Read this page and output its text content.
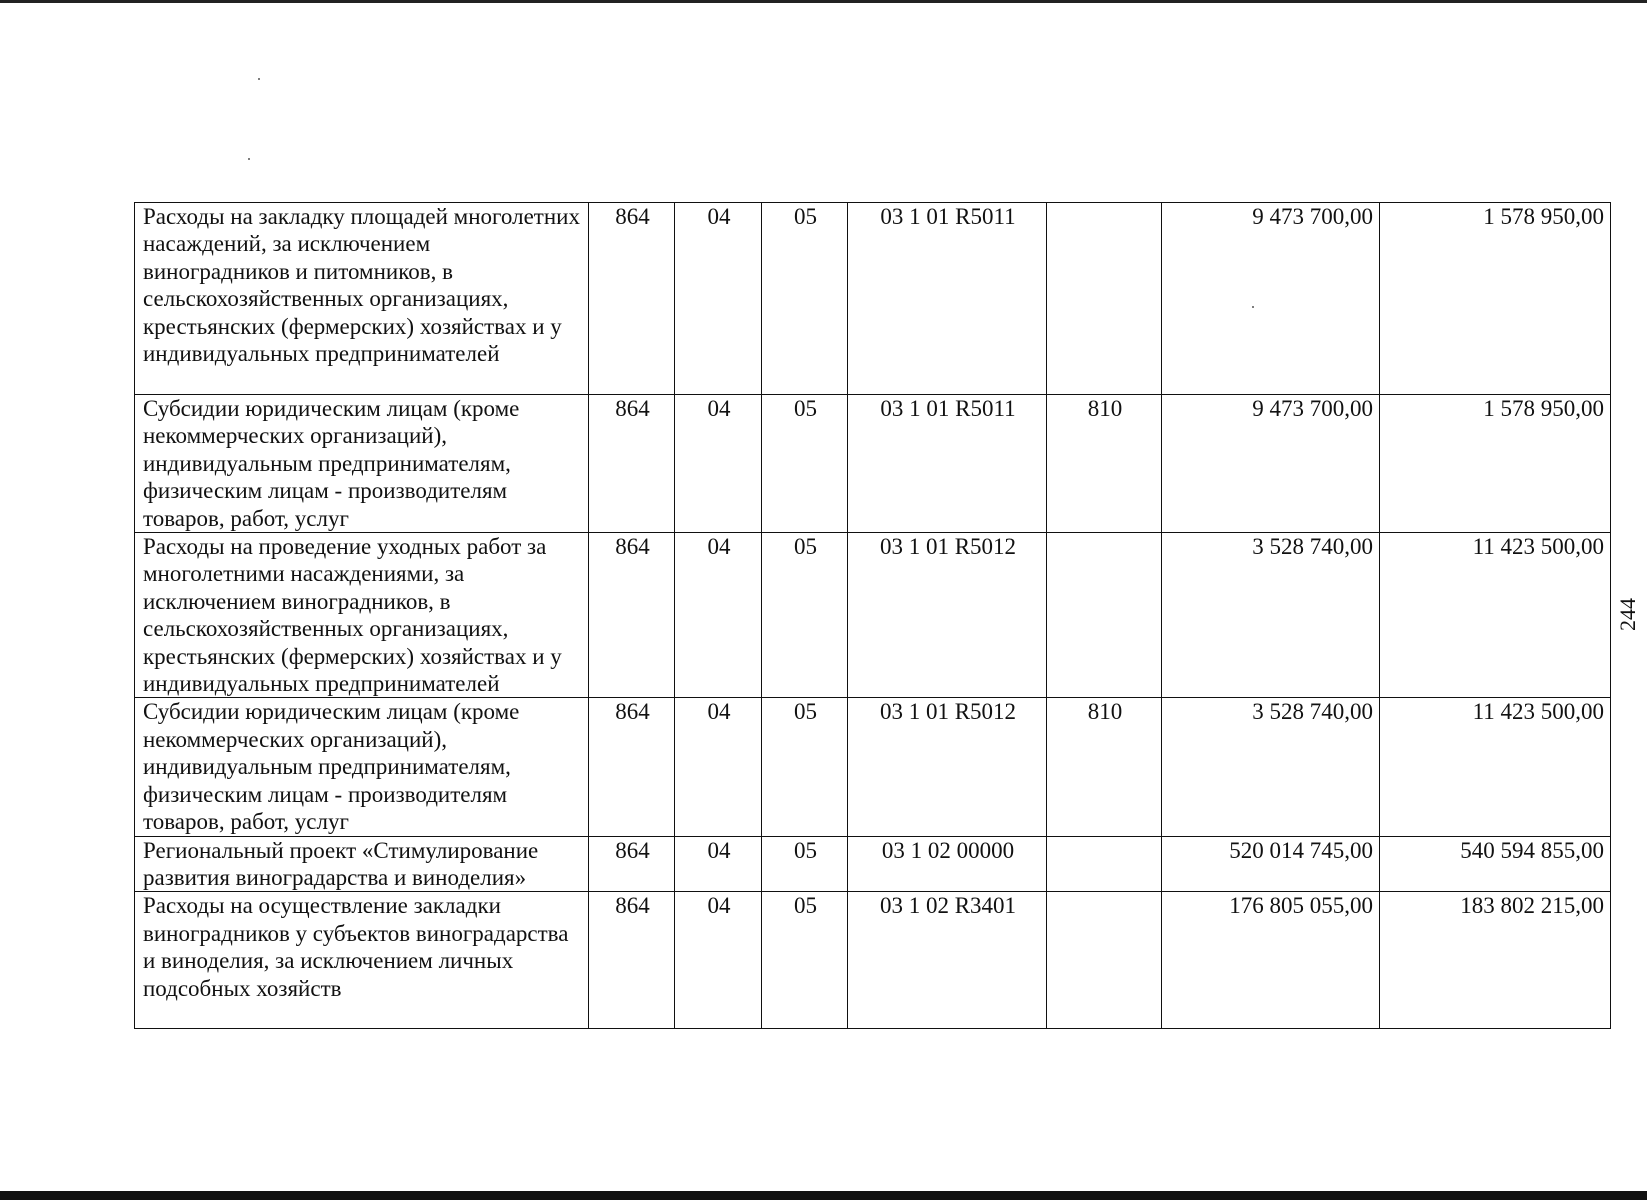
Расходы на закладку площадей многолетних насаждений, за исключением виноградников и питомников, в сельскохозяйственных организациях, крестьянских (фермерских) хозяйствах и у индивидуальных предпринимателей	864	04	05	03 1 01 R5011		9 473 700,00	1 578 950,00
Субсидии юридическим лицам (кроме некоммерческих организаций), индивидуальным предпринимателям, физическим лицам - производителям товаров, работ, услуг	864	04	05	03 1 01 R5011	810	9 473 700,00	1 578 950,00
Расходы на проведение уходных работ за многолетними насаждениями, за исключением виноградников, в сельскохозяйственных организациях, крестьянских (фермерских) хозяйствах и у индивидуальных предпринимателей	864	04	05	03 1 01 R5012		3 528 740,00	11 423 500,00
Субсидии юридическим лицам (кроме некоммерческих организаций), индивидуальным предпринимателям, физическим лицам - производителям товаров, работ, услуг	864	04	05	03 1 01 R5012	810	3 528 740,00	11 423 500,00
Региональный проект «Стимулирование развития виноградарства и виноделия»	864	04	05	03 1 02 00000		520 014 745,00	540 594 855,00
Расходы на осуществление закладки виноградников у субъектов виноградарства и виноделия, за исключением личных подсобных хозяйств	864	04	05	03 1 02 R3401		176 805 055,00	183 802 215,00
244
